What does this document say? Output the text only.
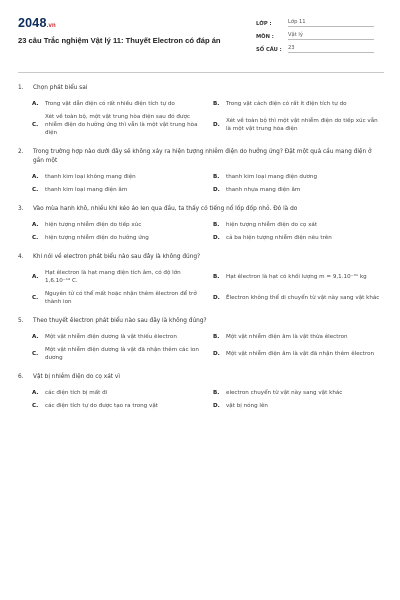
2048.vn
23 câu Trắc nghiệm Vật lý 11: Thuyết Electron có đáp án
LỚP :	Lớp 11
MÔN :	Vật lý
SỐ CÂU :	23
1.	Chọn phát biểu sai
A.	Trong vật dẫn điện có rất nhiều điện tích tự do	B.	Trong vật cách điện có rất ít điện tích tự do
C.
Xét về toàn bộ, một vật trung hòa điện sau đó được nhiễm điện do hưởng ứng thì vẫn là một vật trung hòa điện
D.
Xét về toàn bộ thì một vật nhiễm điện do tiếp xúc vẫn là một vật trung hòa điện
2.	Trong trường hợp nào dưới đây sẽ không xảy ra hiện tượng nhiễm điện do hưởng ứng? Đặt một quả cầu mang điện ở gần một
A.	thanh kim loại không mang điện	B.	thanh kim loại mang điện dương
C.	thanh kim loại mang điện âm	D.	thanh nhựa mang điện âm
3.	Vào mùa hanh khô, nhiều khi kéo áo len qua đầu, ta thấy có tiếng nổ lốp đốp nhỏ. Đó là do
A.	hiện tượng nhiễm điện do tiếp xúc	B.	hiện tượng nhiễm điện do cọ xát
C.	hiện tượng nhiễm điện do hưởng ứng	D.	cả ba hiện tượng nhiễm điện nêu trên
4.	Khi nói về electron phát biểu nào sau đây là không đúng?
A.
Hạt êlectron là hạt mang điện tích âm, có độ lớn 1,6.10⁻¹⁹ C.
B.	Hạt êlectron là hạt có khối lượng m = 9,1.10⁻³¹ kg
C.
Nguyên tử có thể mất hoặc nhận thêm êlectron để trở thành ion
D.	Êlectron không thể di chuyển từ vật này sang vật khác
5.	Theo thuyết êlectron phát biểu nào sau đây là không đúng?
A.	Một vật nhiễm điện dương là vật thiếu êlectron	B.	Một vật nhiễm điện âm là vật thừa êlectron
C.
Một vật nhiễm điện dương là vật đã nhận thêm các ion dương
D.	Một vật nhiễm điện âm là vật đã nhận thêm êlectron
6.	Vật bị nhiễm điện do cọ xát vì
A.	các điện tích bị mất đi	B.	electron chuyển từ vật này sang vật khác
C.	các điện tích tự do được tạo ra trong vật	D.	vật bị nóng lên
